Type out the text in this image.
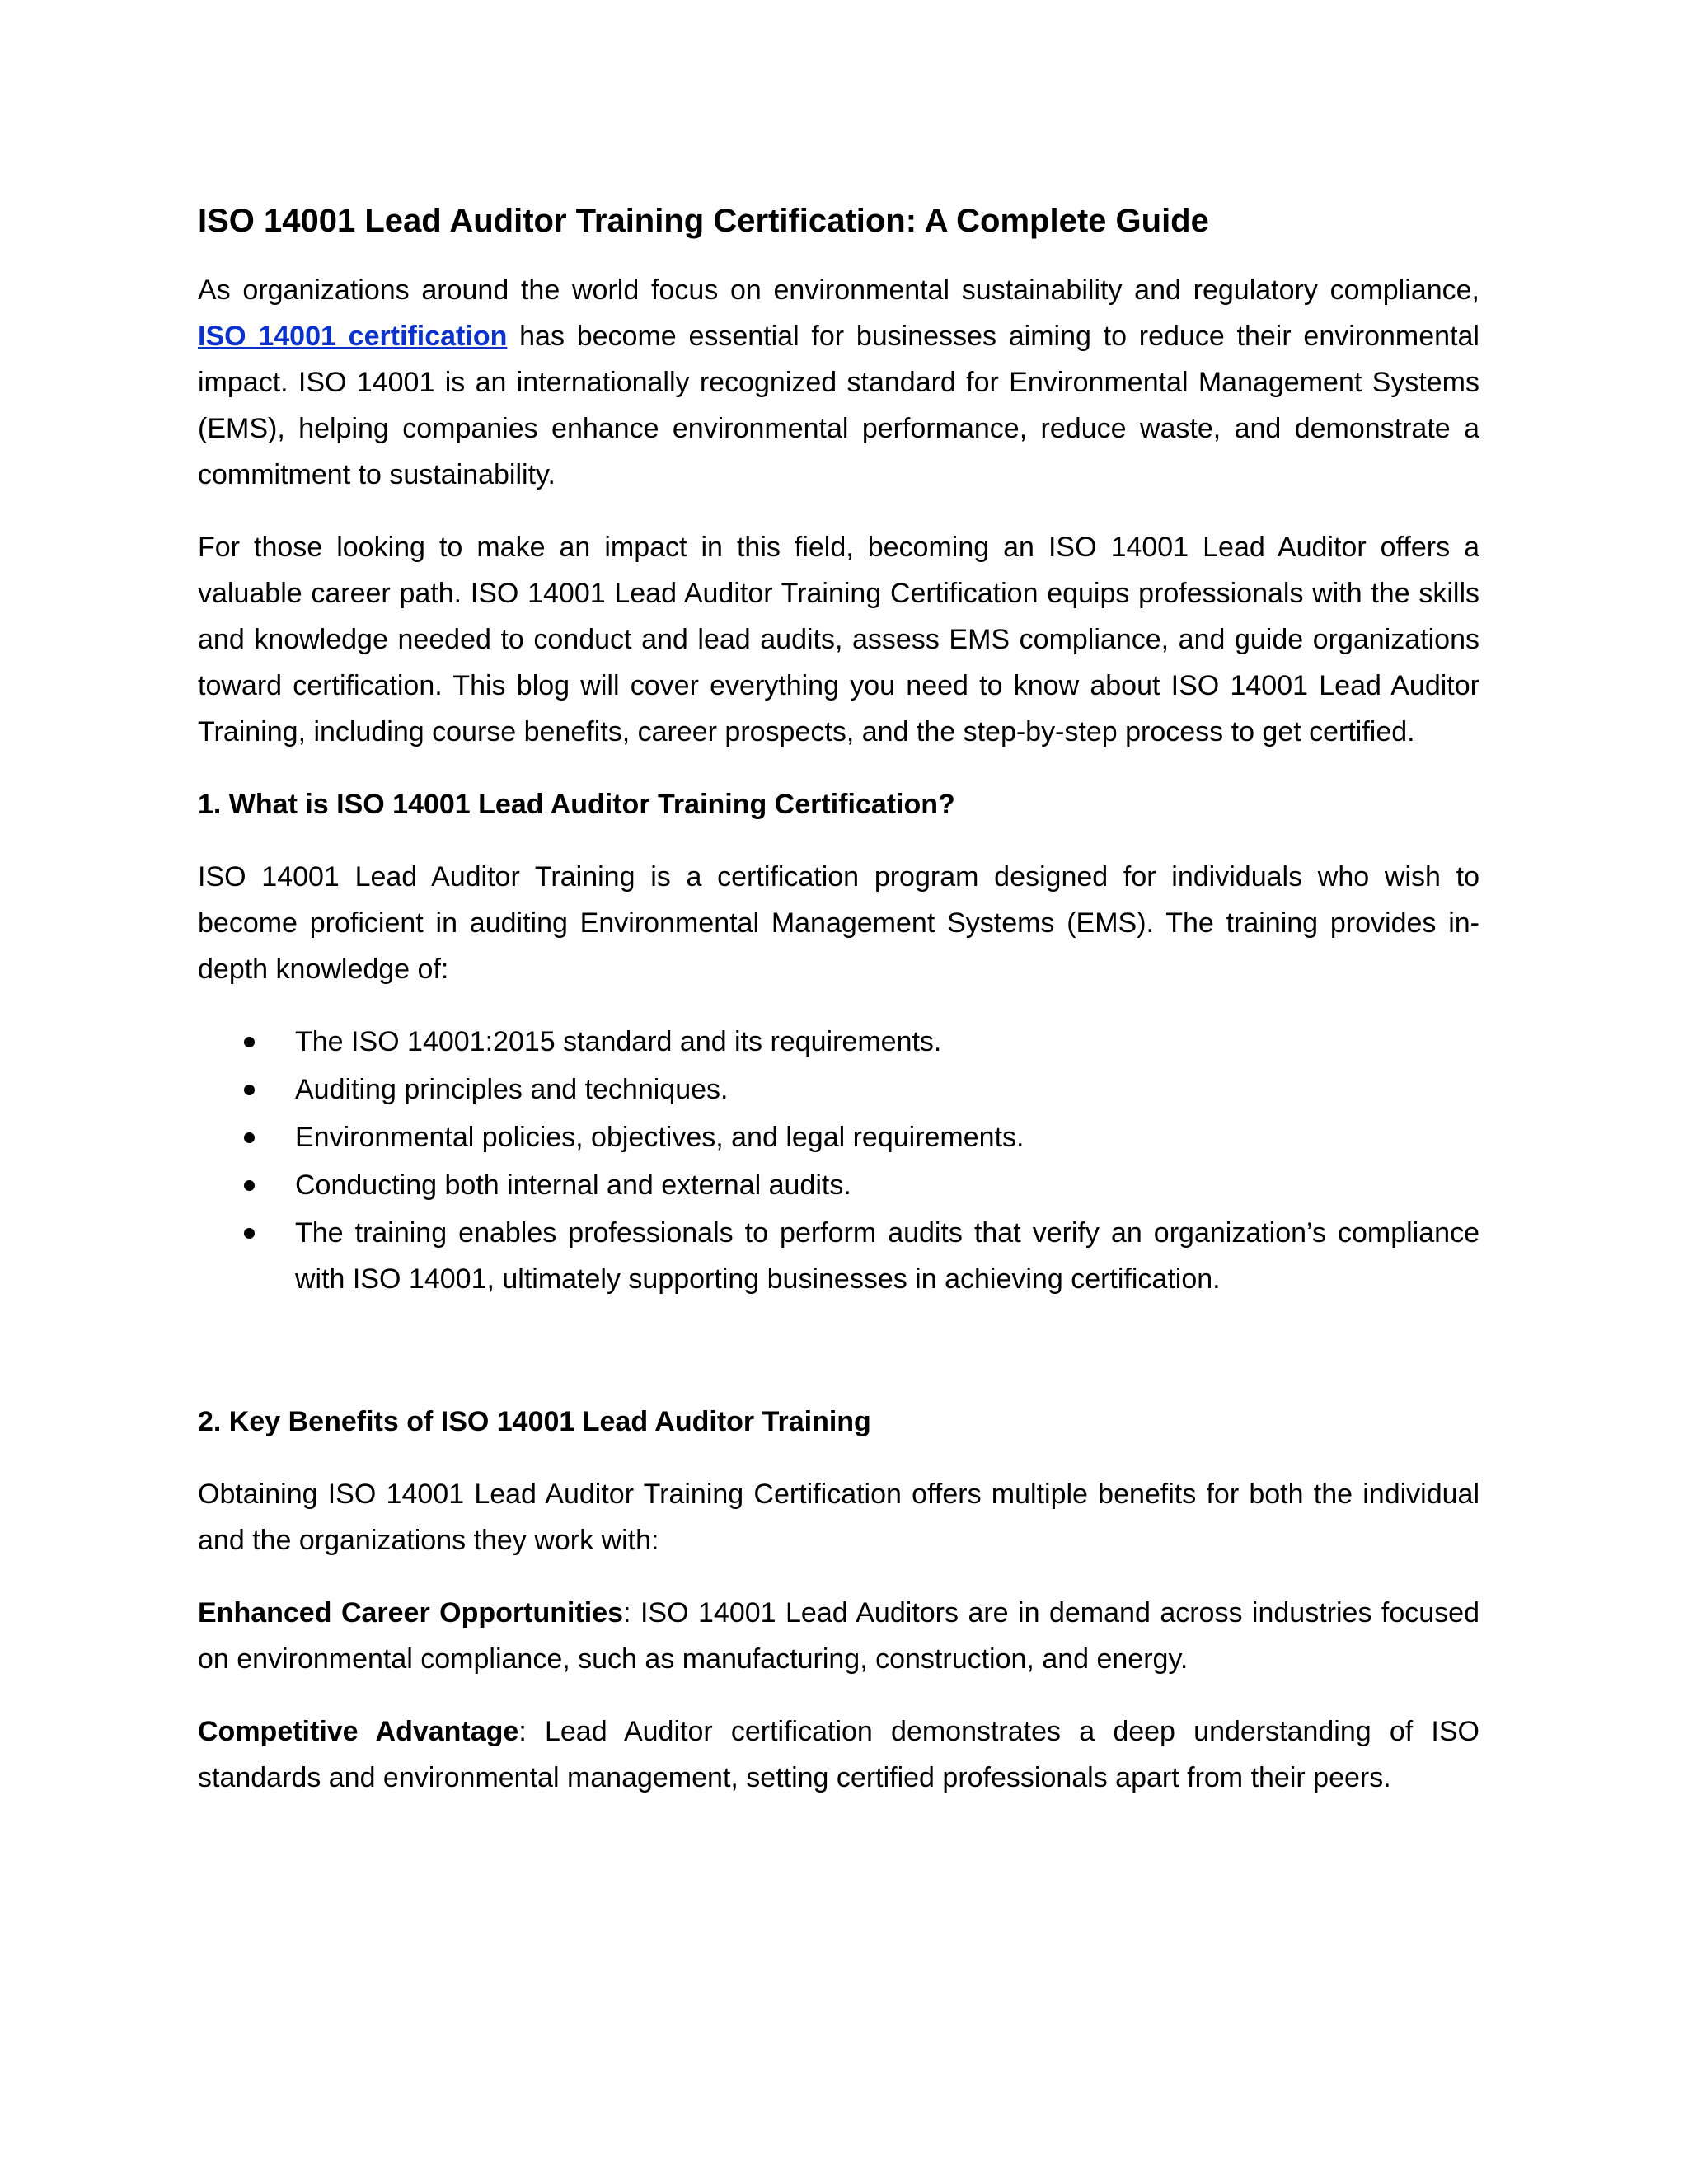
ISO 14001 Lead Auditor Training Certification: A Complete Guide

As organizations around the world focus on environmental sustainability and regulatory compliance, ISO 14001 certification has become essential for businesses aiming to reduce their environmental impact. ISO 14001 is an internationally recognized standard for Environmental Management Systems (EMS), helping companies enhance environmental performance, reduce waste, and demonstrate a commitment to sustainability.

For those looking to make an impact in this field, becoming an ISO 14001 Lead Auditor offers a valuable career path. ISO 14001 Lead Auditor Training Certification equips professionals with the skills and knowledge needed to conduct and lead audits, assess EMS compliance, and guide organizations toward certification. This blog will cover everything you need to know about ISO 14001 Lead Auditor Training, including course benefits, career prospects, and the step-by-step process to get certified.

1. What is ISO 14001 Lead Auditor Training Certification?

ISO 14001 Lead Auditor Training is a certification program designed for individuals who wish to become proficient in auditing Environmental Management Systems (EMS). The training provides in-depth knowledge of:

The ISO 14001:2015 standard and its requirements.
Auditing principles and techniques.
Environmental policies, objectives, and legal requirements.
Conducting both internal and external audits.
The training enables professionals to perform audits that verify an organization’s compliance with ISO 14001, ultimately supporting businesses in achieving certification.
2. Key Benefits of ISO 14001 Lead Auditor Training

Obtaining ISO 14001 Lead Auditor Training Certification offers multiple benefits for both the individual and the organizations they work with:

Enhanced Career Opportunities: ISO 14001 Lead Auditors are in demand across industries focused on environmental compliance, such as manufacturing, construction, and energy.

Competitive Advantage: Lead Auditor certification demonstrates a deep understanding of ISO standards and environmental management, setting certified professionals apart from their peers.
